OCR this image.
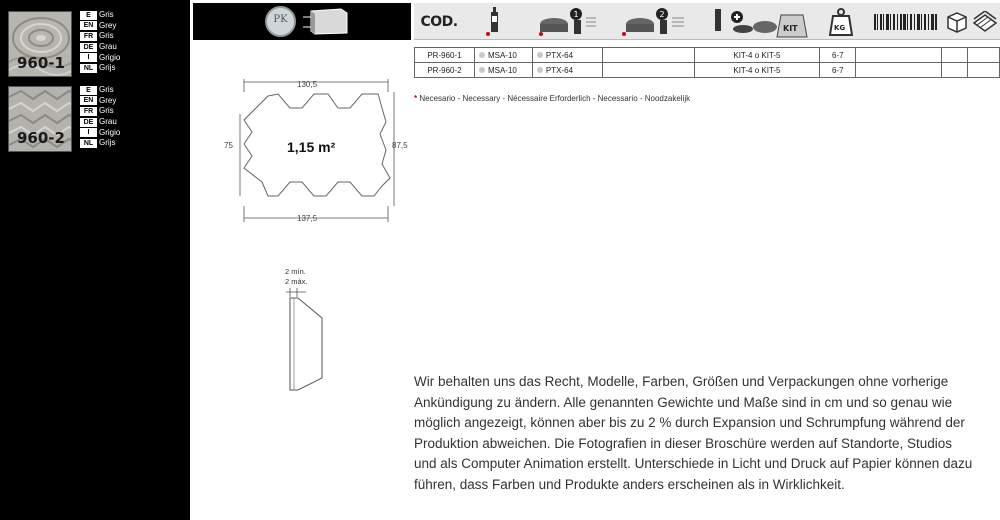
960-1
E	Gris
EN Grey
FR Gris
DE Grau
I	Grigio
NL Grijs
960-2
E	Gris
EN Grey
FR Gris
DE Grau
I	Grigio
NL Grijs
PK	COD.	1	2
KIT	KG
PR-960-1	MSA-10	PTX-64		KIT-4 o KIT-5	6-7			
PR-960-2	MSA-10	PTX-64		KIT-4 o KIT-5	6-7			
* Necesario - Necessary - Nécessaire Erforderlich - Necessario - Noodzakelijk
130,5
137,5
75	87,5
1,15 m²
2 mín.
2 máx.

Wir behalten uns das Recht, Modelle, Farben, Größen und Verpackungen ohne vorherige Ankündigung zu ändern. Alle genannten Gewichte und Maße sind in cm und so genau wie möglich angezeigt, können aber bis zu 2 % durch Expansion und Schrumpfung während der Produktion abweichen. Die Fotografien in dieser Broschüre werden auf Standorte, Studios und als Computer Animation erstellt. Unterschiede in Licht und Druck auf Papier können dazu führen, dass Farben und Produkte anders erscheinen als in Wirklichkeit.
